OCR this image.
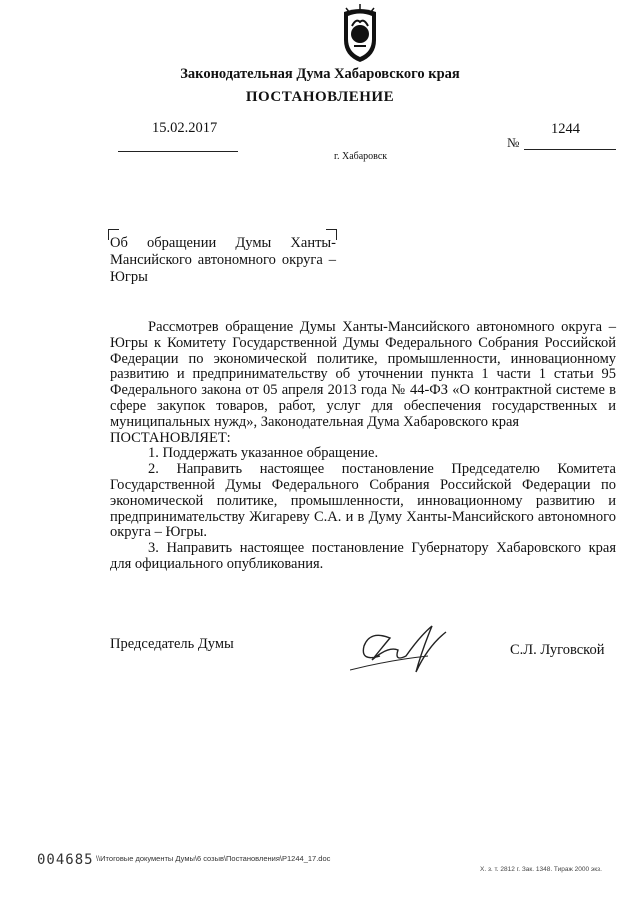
Законодательная Дума Хабаровского края
ПОСТАНОВЛЕНИЕ
15.02.2017
№
1244
г. Хабаровск
Об обращении Думы Ханты-Мансийского автономного округа – Югры

Рассмотрев обращение Думы Ханты-Мансийского автономного округа – Югры к Комитету Государственной Думы Федерального Собрания Российской Федерации по экономической политике, промышленности, инновационному развитию и предпринимательству об уточнении пункта 1 части 1 статьи 95 Федерального закона от 05 апреля 2013 года № 44-ФЗ «О контрактной системе в сфере закупок товаров, работ, услуг для обеспечения государственных и муниципальных нужд», Законодательная Дума Хабаровского края

ПОСТАНОВЛЯЕТ:

1. Поддержать указанное обращение.

2. Направить настоящее постановление Председателю Комитета Государственной Думы Федерального Собрания Российской Федерации по экономической политике, промышленности, инновационному развитию и предпринимательству Жигареву С.А. и в Думу Ханты-Мансийского автономного округа – Югры.

3. Направить настоящее постановление Губернатору Хабаровского края для официального опубликования.

Председатель Думы	С.Л. Луговской
004685 \\Итоговые документы Думы\6 созыв\Постановления\P1244_17.doc
Х. з. т. 2812 г. Зак. 1348. Тираж 2000 экз.
